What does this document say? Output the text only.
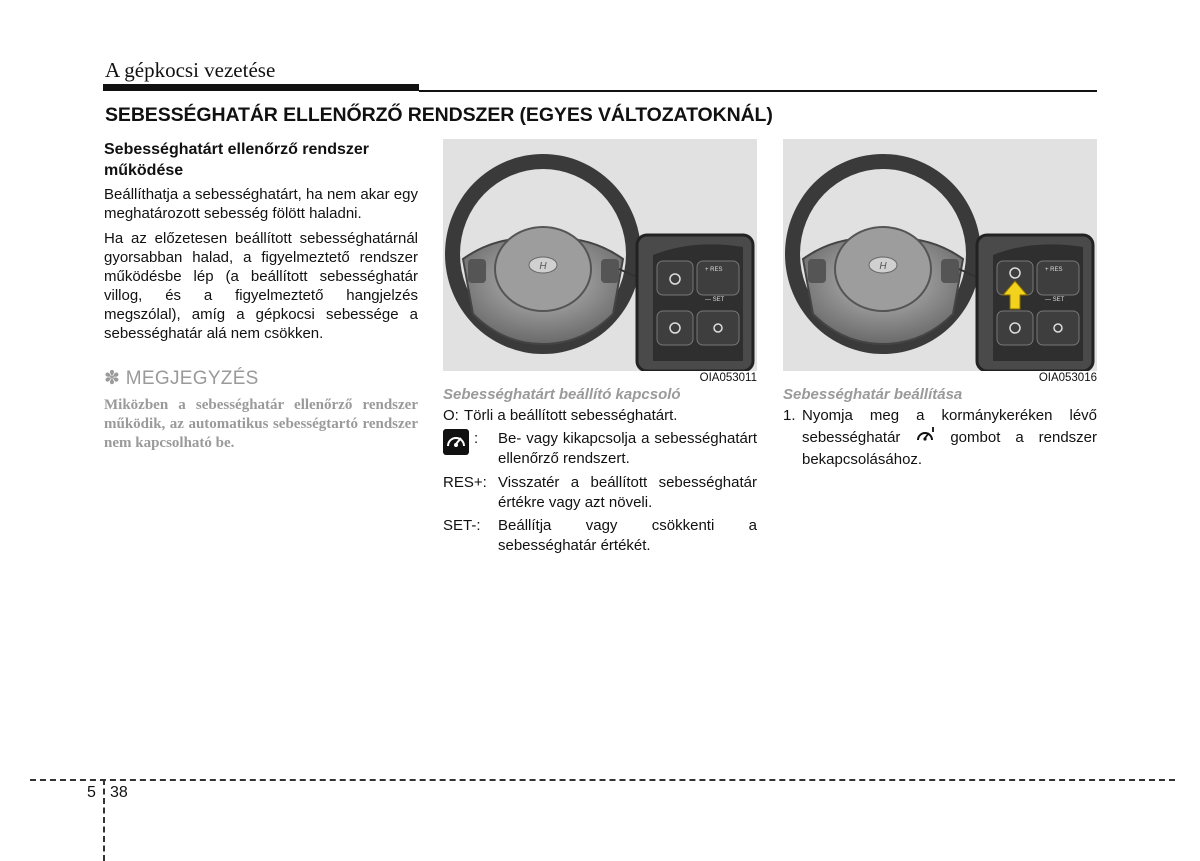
A gépkocsi vezetése
SEBESSÉGHATÁR ELLENŐRZŐ RENDSZER (EGYES VÁLTOZATOKNÁL)
Sebességhatárt ellenőrző rendszer működése
Beállíthatja a sebességhatárt, ha nem akar egy meghatározott sebesség fölött haladni.
Ha az előzetesen beállított sebességhatárnál gyorsabban halad, a figyelmeztető rendszer működésbe lép (a beállított sebességhatár villog, és a figyelmeztető hangjelzés megszólal), amíg a gépkocsi sebessége a sebességhatár alá nem csökken.
✽ MEGJEGYZÉS
Miközben a sebességhatár ellenőrző rendszer működik, az automatikus sebességtartó rendszer nem kapcsolható be.
H	+ RES
— SET
OIA053011
Sebességhatárt beállító kapcsoló
O: Törli a beállított sebességhatárt.
: Be- vagy kikapcsolja a sebességhatárt ellenőrző rendszert.
RES+: Visszatér a beállított sebességhatár értékre vagy azt növeli.
SET-: Beállítja vagy csökkenti a sebességhatár értékét.
H	+ RES
— SET
OIA053016
Sebességhatár beállítása
1. Nyomja meg a kormánykeréken lévő sebességhatár	gombot a rendszer bekapcsolásához.
5 38
